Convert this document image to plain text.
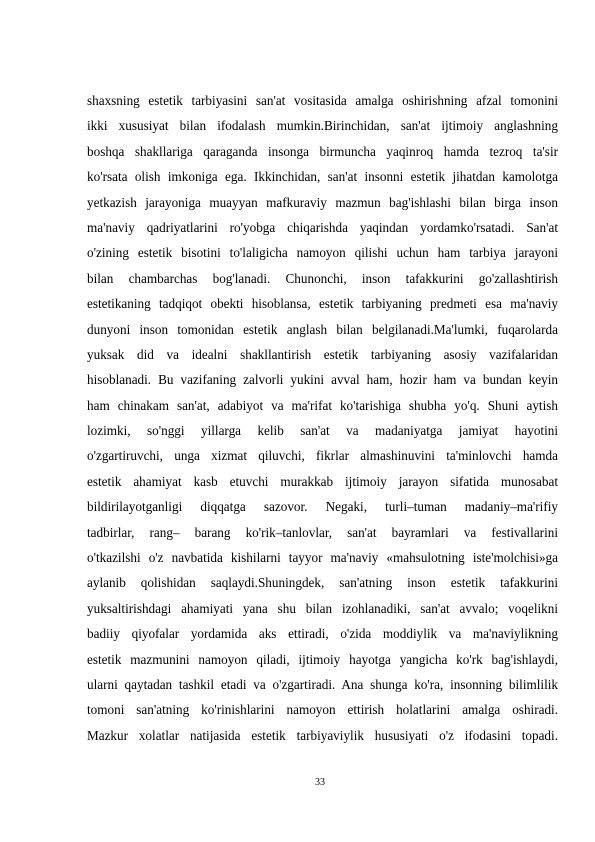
shaxsning estetik tarbiyasini san'at vositasida amalga oshirishning afzal tomonini
ikki xususiyat bilan ifodalash mumkin.Birinchidan, san'at ijtimoiy anglashning
boshqa shakllariga qaraganda insonga birmuncha yaqinroq hamda tezroq ta'sir
ko'rsata olish imkoniga ega. Ikkinchidan, san'at insonni estetik jihatdan kamolotga
yetkazish jarayoniga muayyan mafkuraviy mazmun bag'ishlashi bilan birga inson
ma'naviy qadriyatlarini ro'yobga chiqarishda yaqindan yordamko'rsatadi. San'at
o'zining estetik bisotini to'laligicha namoyon qilishi uchun ham tarbiya jarayoni
bilan chambarchas bog'lanadi. Chunonchi, inson tafakkurini go'zallashtirish
estetikaning tadqiqot obekti hisoblansa, estetik tarbiyaning predmeti esa ma'naviy
dunyoni inson tomonidan estetik anglash bilan belgilanadi.Ma'lumki, fuqarolarda
yuksak did va idealni shakllantirish estetik tarbiyaning asosiy vazifalaridan
hisoblanadi. Bu vazifaning zalvorli yukini avval ham, hozir ham va bundan keyin
ham chinakam san'at, adabiyot va ma'rifat ko'tarishiga shubha yo'q. Shuni aytish
lozimki, so'nggi yillarga kelib san'at va madaniyatga jamiyat hayotini
o'zgartiruvchi, unga xizmat qiluvchi, fikrlar almashinuvini ta'minlovchi hamda
estetik ahamiyat kasb etuvchi murakkab ijtimoiy jarayon sifatida munosabat
bildirilayotganligi diqqatga sazovor. Negaki, turli–tuman madaniy–ma'rifiy
tadbirlar, rang– barang ko'rik–tanlovlar, san'at bayramlari va festivallarini
o'tkazilshi o'z navbatida kishilarni tayyor ma'naviy «mahsulotning iste'molchisi»ga
aylanib qolishidan saqlaydi.Shuningdek, san'atning inson estetik tafakkurini
yuksaltirishdagi ahamiyati yana shu bilan izohlanadiki, san'at avvalo; voqelikni
badiiy qiyofalar yordamida aks ettiradi, o'zida moddiylik va ma'naviylikning
estetik mazmunini namoyon qiladi, ijtimoiy hayotga yangicha ko'rk bag'ishlaydi,
ularni qaytadan tashkil etadi va o'zgartiradi. Ana shunga ko'ra, insonning bilimlilik
tomoni san'atning ko'rinishlarini namoyon ettirish holatlarini amalga oshiradi.
Mazkur xolatlar natijasida estetik tarbiyaviylik hususiyati o'z ifodasini topadi.
33
